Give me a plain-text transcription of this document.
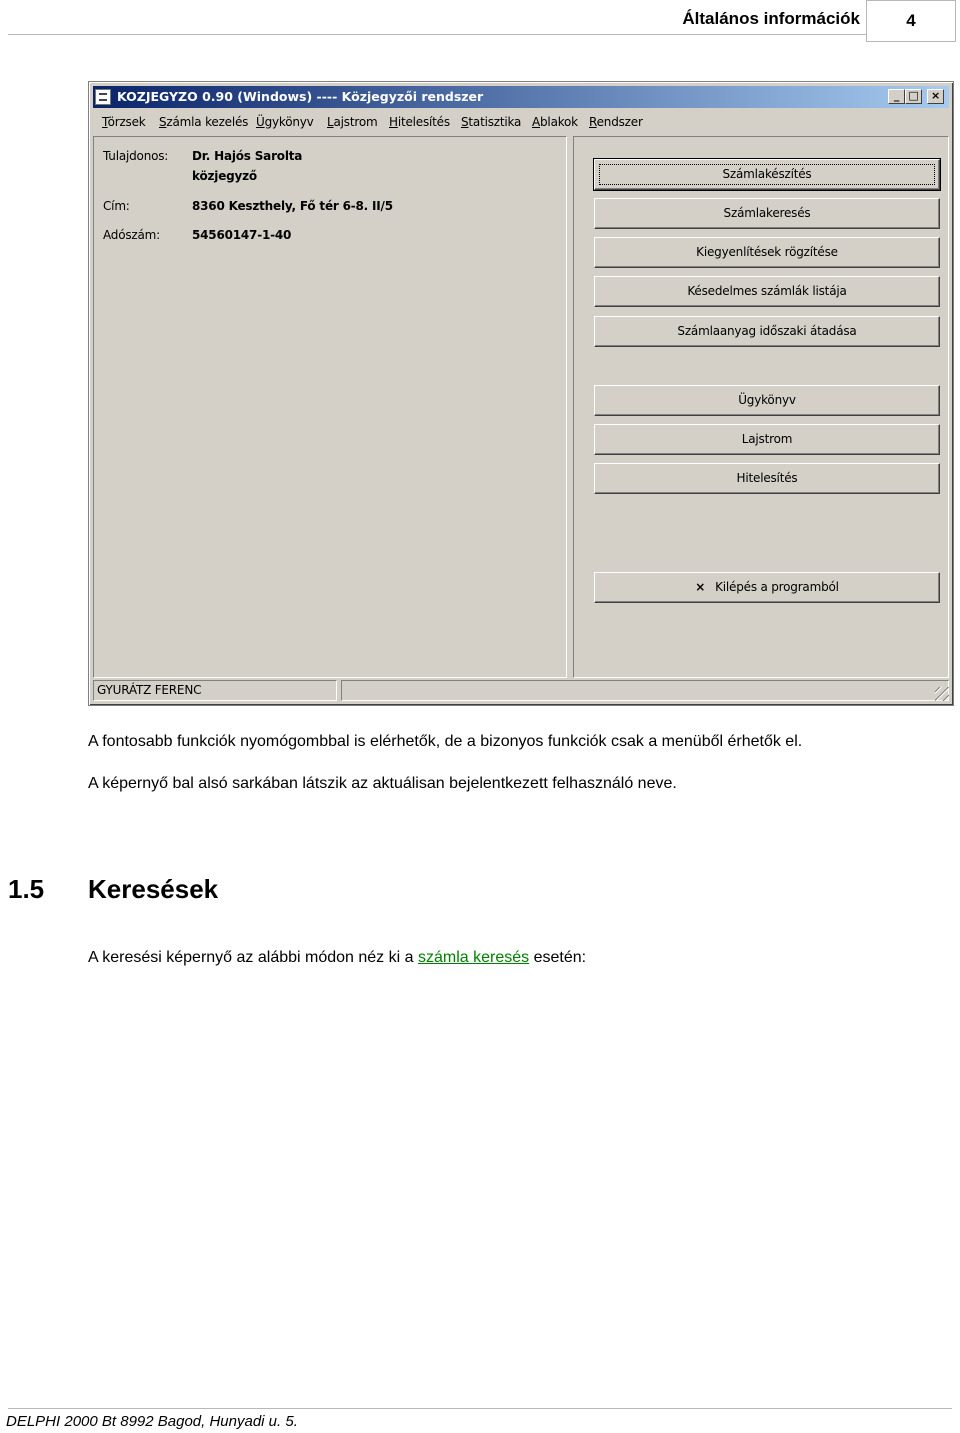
Általános információk	4
KOZJEGYZO 0.90 (Windows) ---- Közjegyzői rendszer	_ □	×
Törzsek Számla kezelés Ügykönyv Lajstrom Hitelesítés Statisztika Ablakok Rendszer
Tulajdonos: Dr. Hajós Sarolta
közjegyző
Cím:	8360 Keszthely, Fő tér 6-8. II/5
Adószám:	54560147-1-40
Számlakészítés
Számlakeresés
Kiegyenlítések rögzítése
Késedelmes számlák listája
Számlaanyag időszaki átadása
Ügykönyv
Lajstrom
Hitelesítés
× Kilépés a programból
GYURÁTZ FERENC
A fontosabb funkciók nyomógombbal is elérhetők, de a bizonyos funkciók csak a menüből érhetők el.
A képernyő bal alsó sarkában látszik az aktuálisan bejelentkezett felhasználó neve.
1.5 Keresések
A keresési képernyő az alábbi módon néz ki a számla keresés esetén:
DELPHI 2000 Bt 8992 Bagod, Hunyadi u. 5.
